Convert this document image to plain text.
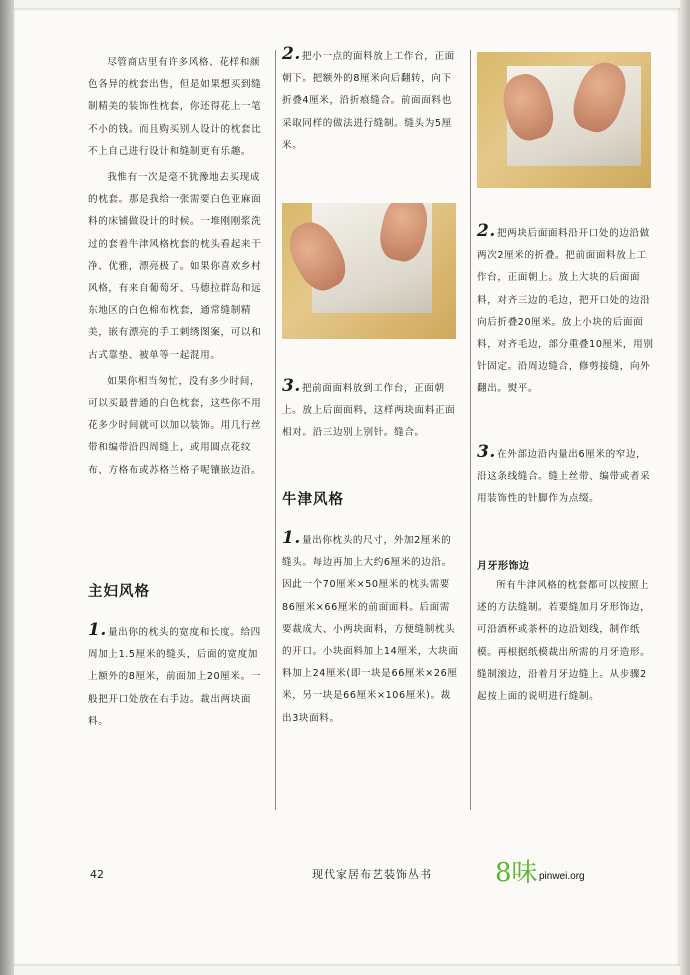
尽管商店里有许多风格、花样和颜色各异的枕套出售，但是如果想买到缝制精美的装饰性枕套，你还得花上一笔不小的钱。而且购买别人设计的枕套比不上自己进行设计和缝制更有乐趣。

我惟有一次是毫不犹豫地去买现成的枕套。那是我给一张需要白色亚麻面料的床铺做设计的时候。一堆刚刚浆洗过的套着牛津风格枕套的枕头看起来干净、优雅，漂亮极了。如果你喜欢乡村风格，有来自葡萄牙、马德拉群岛和远东地区的白色棉布枕套，通常缝制精美，嵌有漂亮的手工刺绣图案，可以和古式靠垫、被单等一起混用。

如果你相当匆忙，没有多少时间，可以买最普通的白色枕套，这些你不用花多少时间就可以加以装饰。用几行丝带和编带沿四周缝上，或用圆点花纹布、方格布或苏格兰格子呢镶嵌边沿。

主妇风格

1.量出你的枕头的宽度和长度。给四周加上1.5厘米的缝头，后面的宽度加上额外的8厘米，前面加上20厘米。一般把开口处放在右手边。裁出两块面料。

2.把小一点的面料放上工作台，正面朝下。把额外的8厘米向后翻转，向下折叠4厘米，沿折痕缝合。前面面料也采取同样的做法进行缝制。缝头为5厘米。

3.把前面面料放到工作台，正面朝上。放上后面面料，这样两块面料正面相对。沿三边别上别针。缝合。

牛津风格

1.量出你枕头的尺寸，外加2厘米的缝头。每边再加上大约6厘米的边沿。因此一个70厘米×50厘米的枕头需要86厘米×66厘米的前面面料。后面需要裁成大、小两块面料，方便缝制枕头的开口。小块面料加上14厘米，大块面料加上24厘米(即一块是66厘米×26厘米，另一块是66厘米×106厘米)。裁出3块面料。

2.把两块后面面料沿开口处的边沿做两次2厘米的折叠。把前面面料放上工作台，正面朝上。放上大块的后面面料，对齐三边的毛边，把开口处的边沿向后折叠20厘米。放上小块的后面面料，对齐毛边，部分重叠10厘米，用别针固定。沿周边缝合，修剪接缝，向外翻出。熨平。

3.在外部边沿内量出6厘米的窄边，沿这条线缝合。缝上丝带、编带或者采用装饰性的针脚作为点缀。

月牙形饰边

所有牛津风格的枕套都可以按照上述的方法缝制。若要缝加月牙形饰边，可沿酒杯或茶杯的边沿划线，制作纸模。再根据纸模裁出所需的月牙造形。缝制滚边，沿着月牙边缝上。从步骤2起按上面的说明进行缝制。

42	现代家居布艺装饰丛书 8味 pinwei.org
